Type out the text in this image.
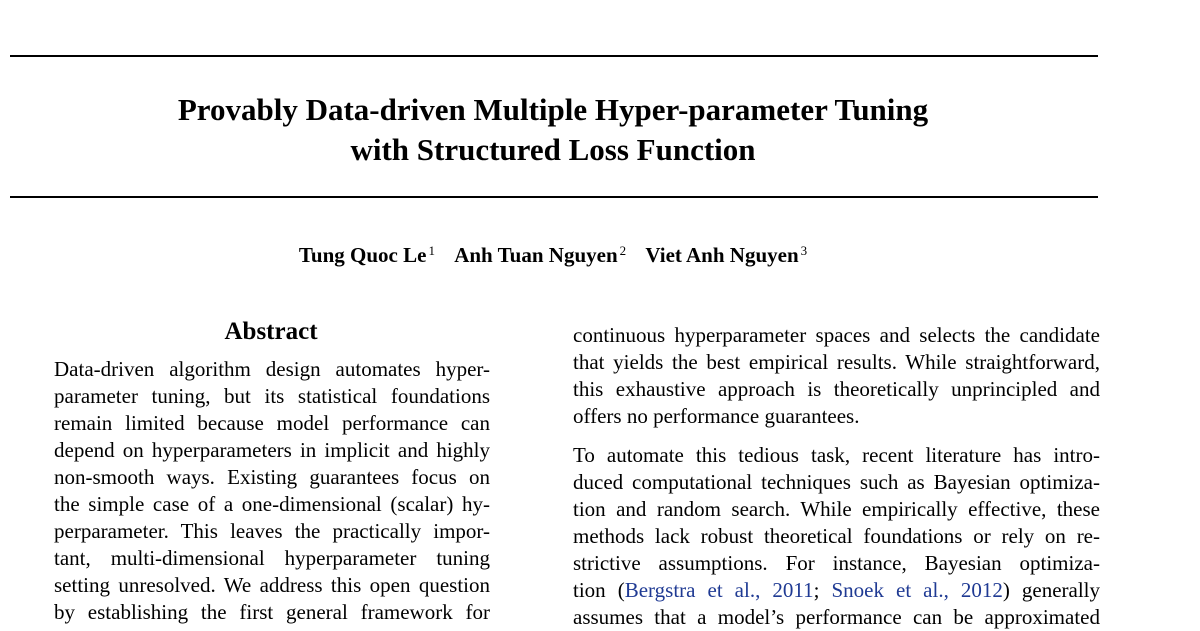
Provably Data-driven Multiple Hyper-parameter Tuning
with Structured Loss Function
Tung Quoc Le $^1$ Anh Tuan Nguyen $^2$ Viet Anh Nguyen $^3$
Abstract
Data-driven algorithm design automates hyper-
parameter tuning, but its statistical foundations
remain limited because model performance can
depend on hyperparameters in implicit and highly
non-smooth ways. Existing guarantees focus on
the simple case of a one-dimensional (scalar) hy-
perparameter. This leaves the practically impor-
tant, multi-dimensional hyperparameter tuning
setting unresolved. We address this open question
by establishing the first general framework for
continuous hyperparameter spaces and selects the candidate
that yields the best empirical results. While straightforward,
this exhaustive approach is theoretically unprincipled and
offers no performance guarantees.
To automate this tedious task, recent literature has intro-
duced computational techniques such as Bayesian optimiza-
tion and random search. While empirically effective, these
methods lack robust theoretical foundations or rely on re-
strictive assumptions. For instance, Bayesian optimiza-
tion (Bergstra et al., 2011; Snoek et al., 2012) generally
assumes that a model’s performance can be approximated
